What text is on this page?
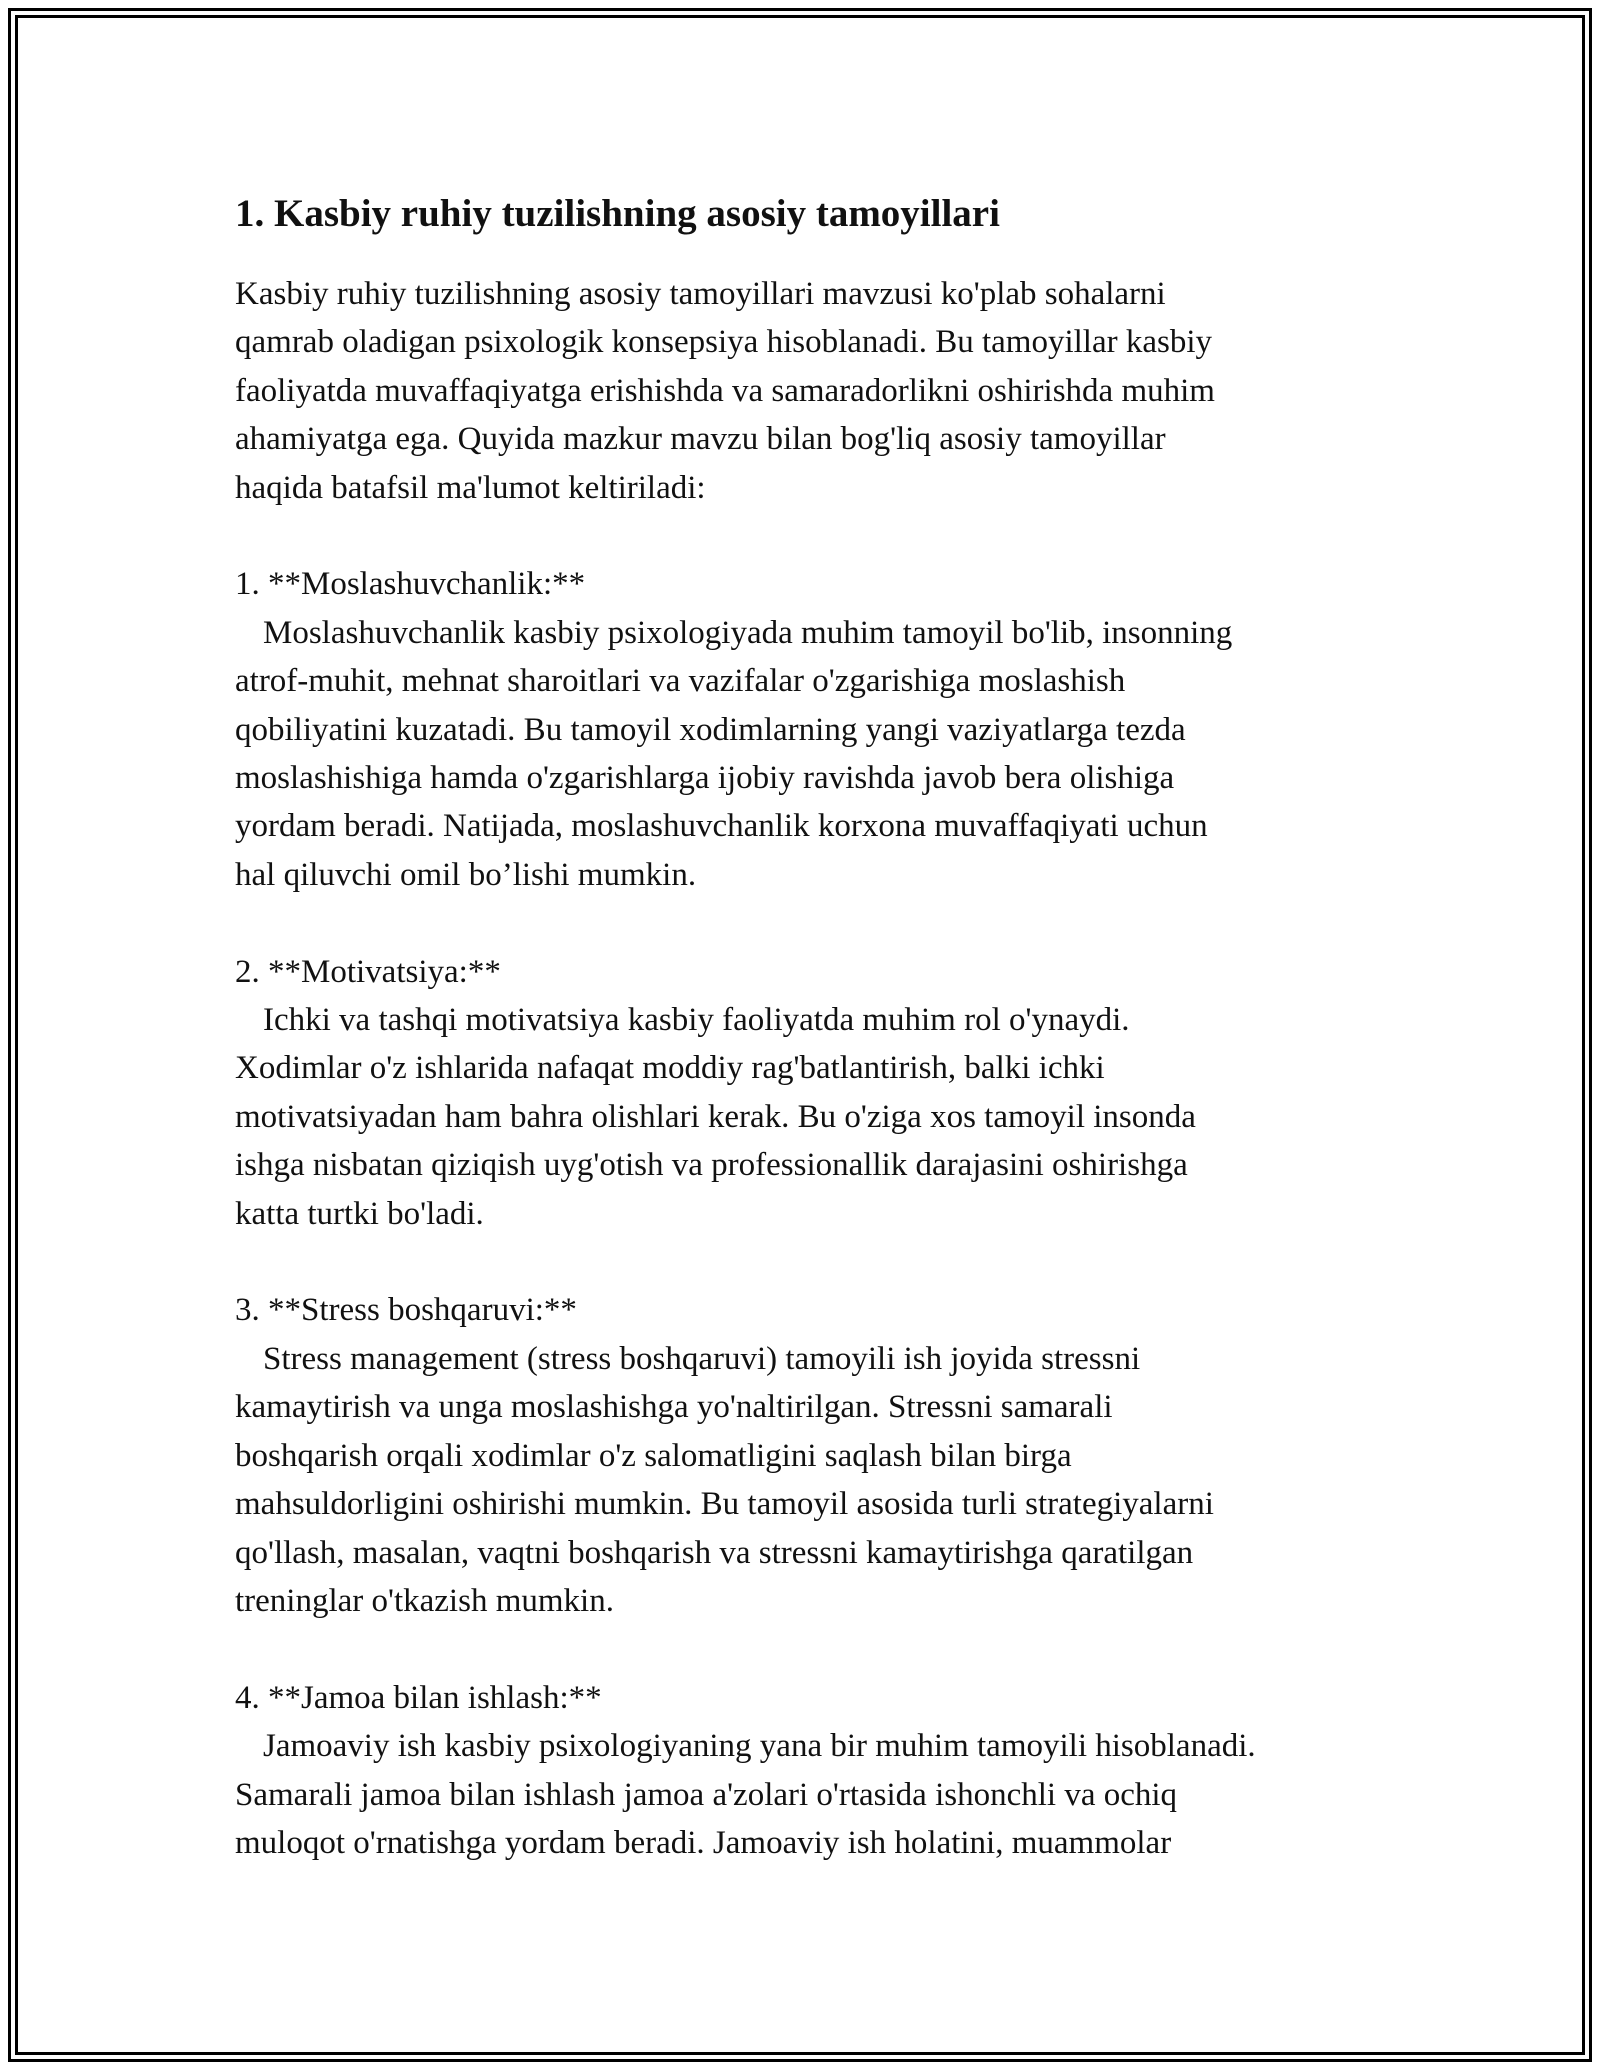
1. Kasbiy ruhiy tuzilishning asosiy tamoyillari

Kasbiy ruhiy tuzilishning asosiy tamoyillari mavzusi ko'plab sohalarni
qamrab oladigan psixologik konsepsiya hisoblanadi. Bu tamoyillar kasbiy
faoliyatda muvaffaqiyatga erishishda va samaradorlikni oshirishda muhim
ahamiyatga ega. Quyida mazkur mavzu bilan bog'liq asosiy tamoyillar
haqida batafsil ma'lumot keltiriladi:

1. **Moslashuvchanlik:**

Moslashuvchanlik kasbiy psixologiyada muhim tamoyil bo'lib, insonning
atrof-muhit, mehnat sharoitlari va vazifalar o'zgarishiga moslashish
qobiliyatini kuzatadi. Bu tamoyil xodimlarning yangi vaziyatlarga tezda
moslashishiga hamda o'zgarishlarga ijobiy ravishda javob bera olishiga
yordam beradi. Natijada, moslashuvchanlik korxona muvaffaqiyati uchun
hal qiluvchi omil bo’lishi mumkin.

2. **Motivatsiya:**

Ichki va tashqi motivatsiya kasbiy faoliyatda muhim rol o'ynaydi.
Xodimlar o'z ishlarida nafaqat moddiy rag'batlantirish, balki ichki
motivatsiyadan ham bahra olishlari kerak. Bu o'ziga xos tamoyil insonda
ishga nisbatan qiziqish uyg'otish va professionallik darajasini oshirishga
katta turtki bo'ladi.

3. **Stress boshqaruvi:**

Stress management (stress boshqaruvi) tamoyili ish joyida stressni
kamaytirish va unga moslashishga yo'naltirilgan. Stressni samarali
boshqarish orqali xodimlar o'z salomatligini saqlash bilan birga
mahsuldorligini oshirishi mumkin. Bu tamoyil asosida turli strategiyalarni
qo'llash, masalan, vaqtni boshqarish va stressni kamaytirishga qaratilgan
treninglar o'tkazish mumkin.

4. **Jamoa bilan ishlash:**

Jamoaviy ish kasbiy psixologiyaning yana bir muhim tamoyili hisoblanadi.
Samarali jamoa bilan ishlash jamoa a'zolari o'rtasida ishonchli va ochiq
muloqot o'rnatishga yordam beradi. Jamoaviy ish holatini, muammolar
